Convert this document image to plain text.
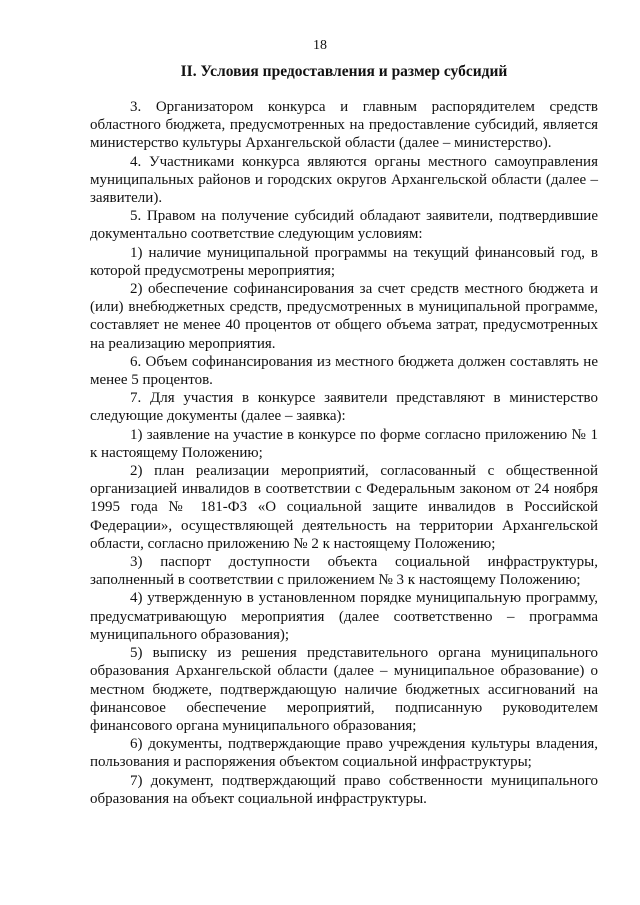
18
II. Условия предоставления и размер субсидий

3. Организатором конкурса и главным распорядителем средств областного бюджета, предусмотренных на предоставление субсидий, является министерство культуры Архангельской области (далее – министерство).

4. Участниками конкурса являются органы местного самоуправления муниципальных районов и городских округов Архангельской области (далее – заявители).

5. Правом на получение субсидий обладают заявители, подтвердившие документально соответствие следующим условиям:

1) наличие муниципальной программы на текущий финансовый год, в которой предусмотрены мероприятия;

2) обеспечение софинансирования за счет средств местного бюджета и (или) внебюджетных средств, предусмотренных в муниципальной программе, составляет не менее 40 процентов от общего объема затрат, предусмотренных на реализацию мероприятия.

6. Объем софинансирования из местного бюджета должен составлять не менее 5 процентов.

7. Для участия в конкурсе заявители представляют в министерство следующие документы (далее – заявка):

1) заявление на участие в конкурсе по форме согласно приложению № 1 к настоящему Положению;

2) план реализации мероприятий, согласованный с общественной организацией инвалидов в соответствии с Федеральным законом от 24 ноября 1995 года № 181-ФЗ «О социальной защите инвалидов в Российской Федерации», осуществляющей деятельность на территории Архангельской области, согласно приложению № 2 к настоящему Положению;

3) паспорт доступности объекта социальной инфраструктуры, заполненный в соответствии с приложением № 3 к настоящему Положению;

4) утвержденную в установленном порядке муниципальную программу, предусматривающую мероприятия (далее соответственно – программа муниципального образования);

5) выписку из решения представительного органа муниципального образования Архангельской области (далее – муниципальное образование) о местном бюджете, подтверждающую наличие бюджетных ассигнований на финансовое обеспечение мероприятий, подписанную руководителем финансового органа муниципального образования;

6) документы, подтверждающие право учреждения культуры владения, пользования и распоряжения объектом социальной инфраструктуры;

7) документ, подтверждающий право собственности муниципального образования на объект социальной инфраструктуры.
